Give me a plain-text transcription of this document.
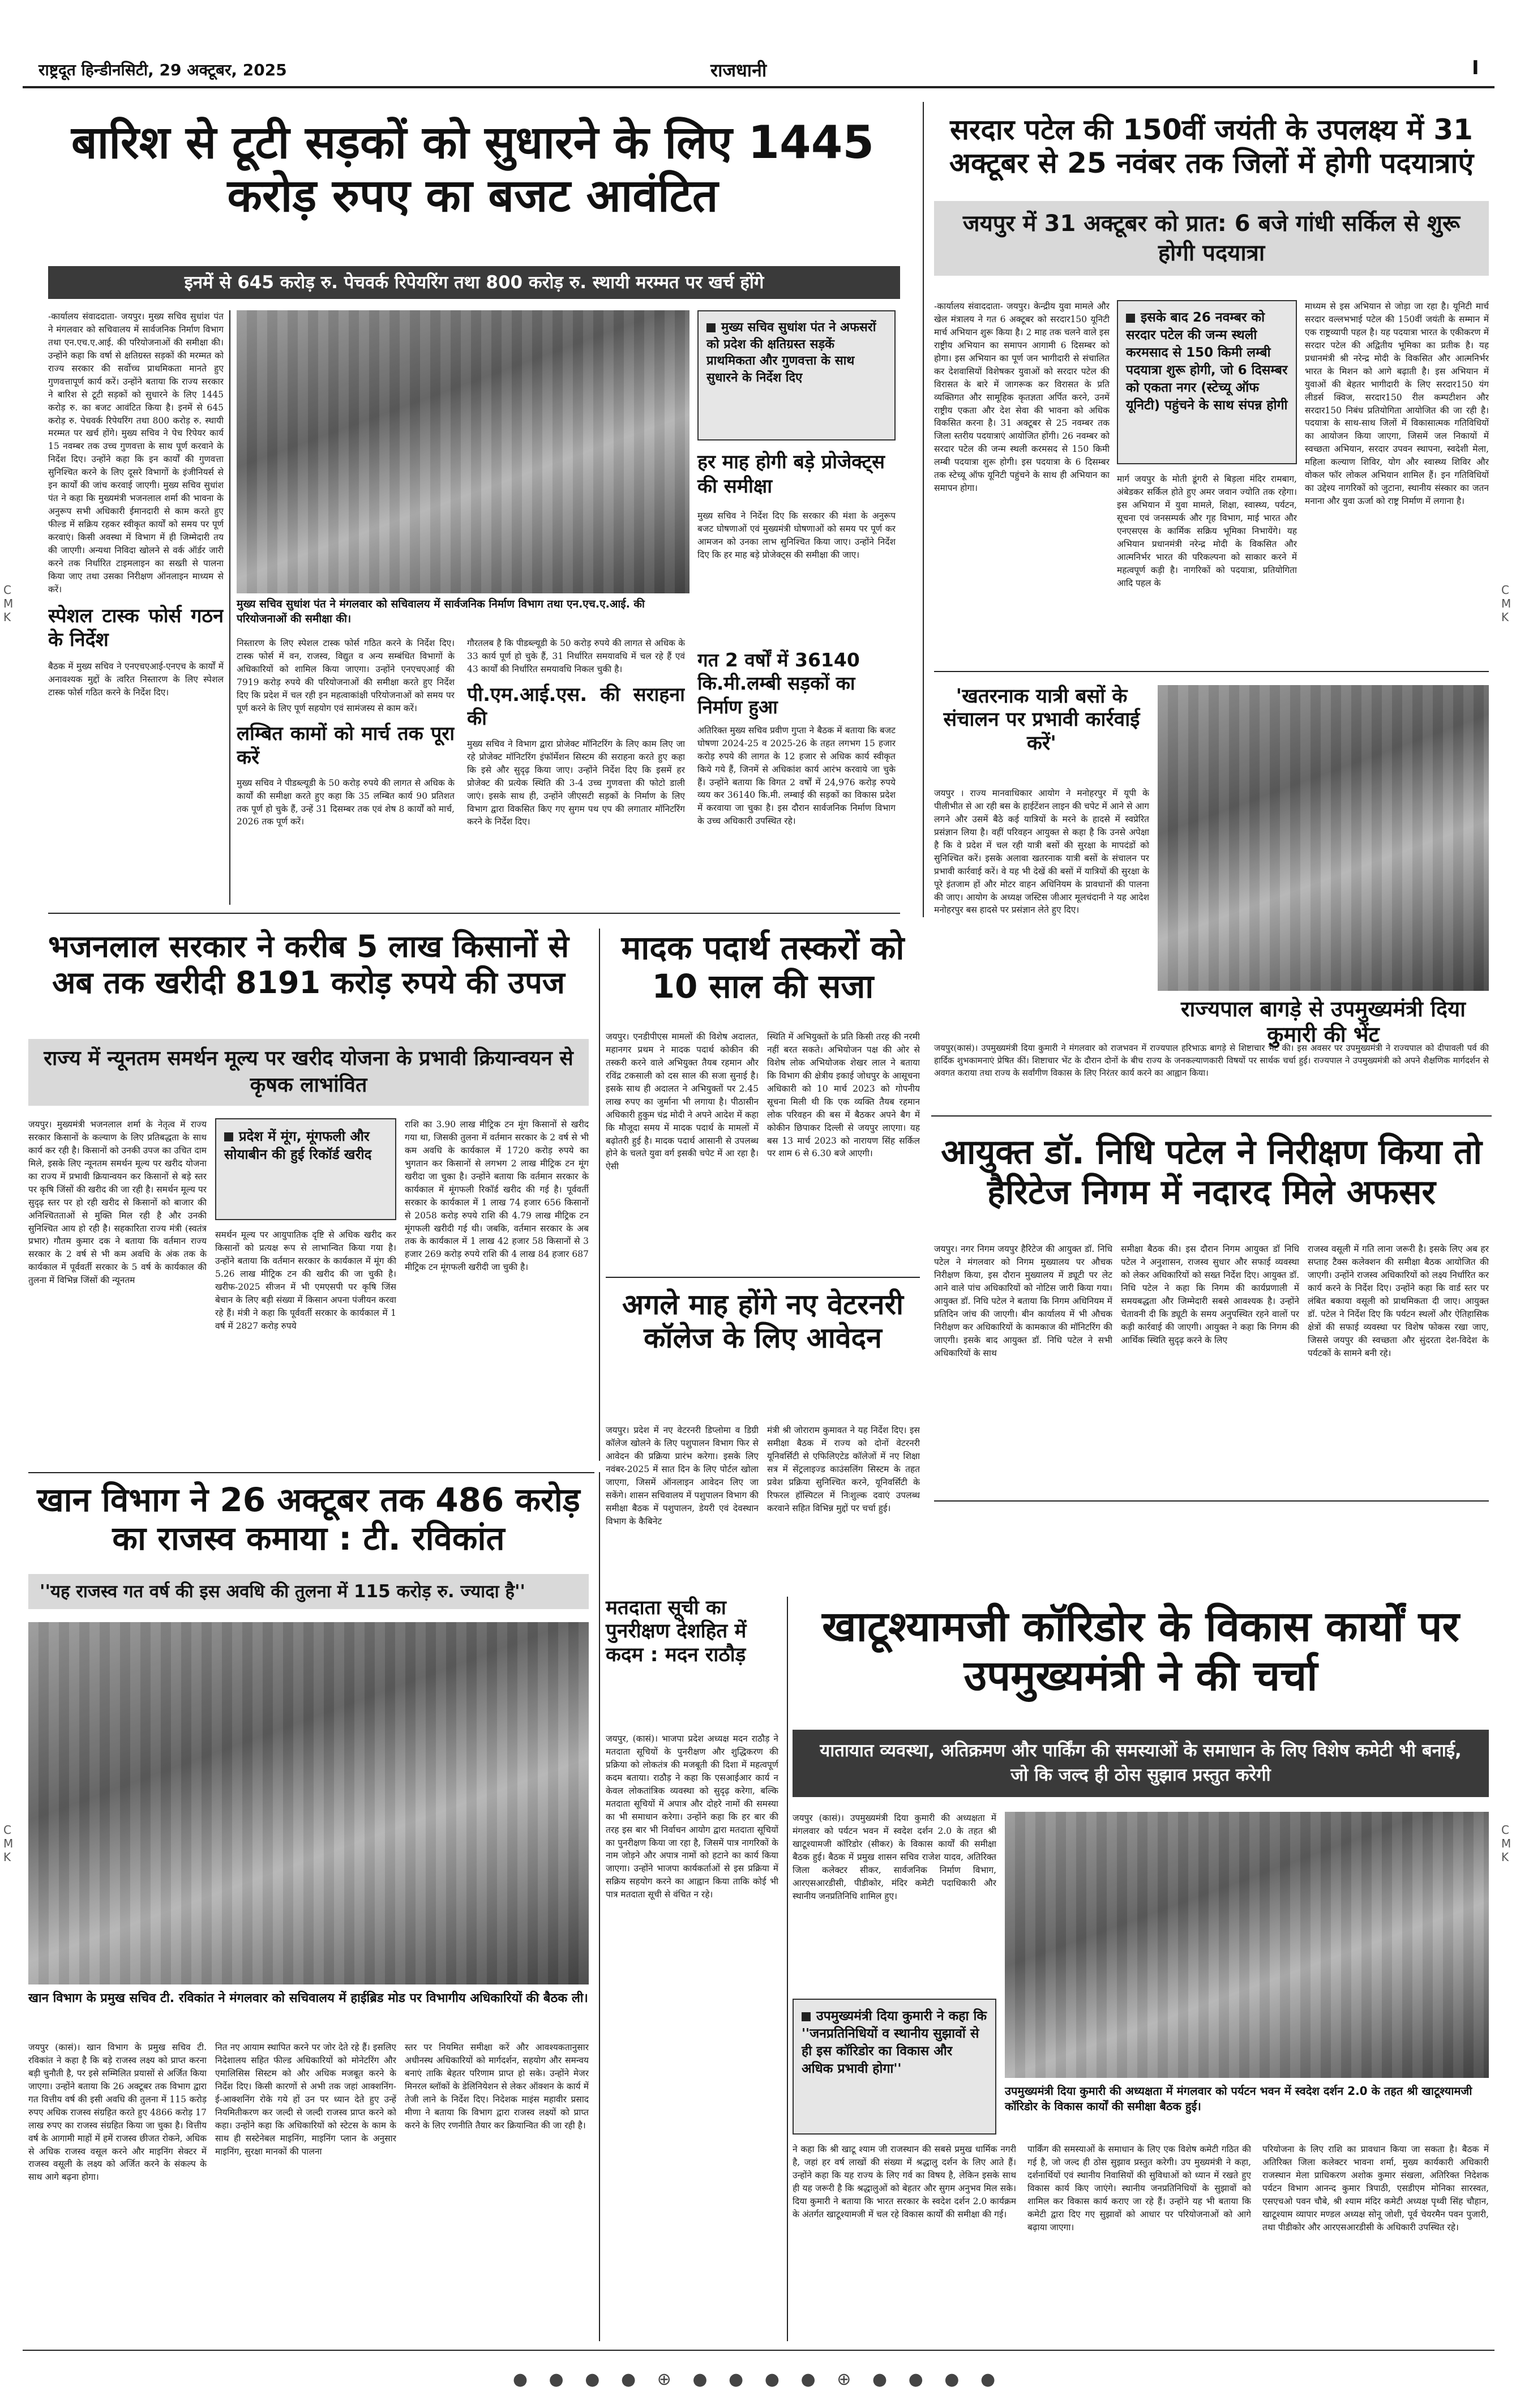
राष्ट्रदूत हिन्डीनसिटी, 29 अक्टूबर, 2025	राजधानी	I
C
M
K
C
M
K
C
M
K
C
M
K
बारिश से टूटी सड़कों को सुधारने के लिए 1445 करोड़ रुपए का बजट आवंटित
इनमें से 645 करोड़ रु. पेचवर्क रिपेयरिंग तथा 800 करोड़ रु. स्थायी मरम्मत पर खर्च होंगे
-कार्यालय संवाददाता- जयपुर। मुख्य सचिव सुधांश पंत ने मंगलवार को सचिवालय में सार्वजनिक निर्माण विभाग तथा एन.एच.ए.आई. की परियोजनाओं की समीक्षा की। उन्होंने कहा कि वर्षा से क्षतिग्रस्त सड़कों की मरम्मत को राज्य सरकार की सर्वोच्च प्राथमिकता मानते हुए गुणवत्तापूर्ण कार्य करें। उन्होंने बताया कि राज्य सरकार ने बारिश से टूटी सड़कों को सुधारने के लिए 1445 करोड़ रु. का बजट आवंटित किया है। इनमें से 645 करोड़ रु. पेचवर्क रिपेयरिंग तथा 800 करोड़ रु. स्थायी मरम्मत पर खर्च होंगे। मुख्य सचिव ने पेच रिपेयर कार्य 15 नवम्बर तक उच्च गुणवत्ता के साथ पूर्ण करवाने के निर्देश दिए। उन्होंने कहा कि इन कार्यों की गुणवत्ता सुनिश्चित करने के लिए दूसरे विभागों के इंजीनियर्स से इन कार्यों की जांच करवाई जाएगी। मुख्य सचिव सुधांश पंत ने कहा कि मुख्यमंत्री भजनलाल शर्मा की भावना के अनुरूप सभी अधिकारी ईमानदारी से काम करते हुए फील्ड में सक्रिय रहकर स्वीकृत कार्यों को समय पर पूर्ण करवाएं। किसी अवस्था में विभाग में ही जिम्मेदारी तय की जाएगी। अन्यथा निविदा खोलने से वर्क ऑर्डर जारी करने तक निर्धारित टाइमलाइन का सख्ती से पालना किया जाए तथा उसका निरीक्षण ऑनलाइन माध्यम से करें।
स्पेशल टास्क फोर्स गठन के निर्देश
बैठक में मुख्य सचिव ने एनएचएआई-एनएच के कार्यों में अनावश्यक मुद्दों के त्वरित निस्तारण के लिए स्पेशल टास्क फोर्स गठित करने के निर्देश दिए।
मुख्य सचिव सुधांश पंत ने मंगलवार को सचिवालय में सार्वजनिक निर्माण विभाग तथा एन.एच.ए.आई. की परियोजनाओं की समीक्षा की।
मुख्य सचिव सुधांश पंत ने अफसरों को प्रदेश की क्षतिग्रस्त सड़कें प्राथमिकता और गुणवत्ता के साथ सुधारने के निर्देश दिए
हर माह होगी बड़े प्रोजेक्ट्स की समीक्षा
मुख्य सचिव ने निर्देश दिए कि सरकार की मंशा के अनुरूप बजट घोषणाओं एवं मुख्यमंत्री घोषणाओं को समय पर पूर्ण कर आमजन को उनका लाभ सुनिश्चित किया जाए। उन्होंने निर्देश दिए कि हर माह बड़े प्रोजेक्ट्स की समीक्षा की जाए।
निस्तारण के लिए स्पेशल टास्क फोर्स गठित करने के निर्देश दिए। टास्क फोर्स में वन, राजस्व, विद्युत व अन्य सम्बंधित विभागों के अधिकारियों को शामिल किया जाएगा। उन्होंने एनएचएआई की 7919 करोड़ रुपये की परियोजनाओं की समीक्षा करते हुए निर्देश दिए कि प्रदेश में चल रही इन महत्वाकांक्षी परियोजनाओं को समय पर पूर्ण करने के लिए पूर्ण सहयोग एवं सामंजस्य से काम करें।
लम्बित कामों को मार्च तक पूरा करें
मुख्य सचिव ने पीडब्ल्यूडी के 50 करोड़ रुपये की लागत से अधिक के कार्यों की समीक्षा करते हुए कहा कि 35 लम्बित कार्य 90 प्रतिशत तक पूर्ण हो चुके हैं, उन्हें 31 दिसम्बर तक एवं शेष 8 कार्यों को मार्च, 2026 तक पूर्ण करें।
गौरतलब है कि पीडब्ल्यूडी के 50 करोड़ रुपये की लागत से अधिक के 33 कार्य पूर्ण हो चुके हैं, 31 निर्धारित समयावधि में चल रहे हैं एवं 43 कार्यों की निर्धारित समयावधि निकल चुकी है।
पी.एम.आई.एस. की सराहना की
मुख्य सचिव ने विभाग द्वारा प्रोजेक्ट मॉनिटरिंग के लिए काम लिए जा रहे प्रोजेक्ट मॉनिटरिंग इंफॉर्मेशन सिस्टम की सराहना करते हुए कहा कि इसे और सुदृढ़ किया जाए। उन्होंने निर्देश दिए कि इसमें हर प्रोजेक्ट की प्रत्येक स्थिति की 3-4 उच्च गुणवत्ता की फोटो डाली जाएं। इसके साथ ही, उन्होंने जीएसटी सड़कों के निर्माण के लिए विभाग द्वारा विकसित किए गए सुगम पथ एप की लगातार मॉनिटरिंग करने के निर्देश दिए।
गत 2 वर्षों में 36140 कि.मी.लम्बी सड़कों का निर्माण हुआ
अतिरिक्त मुख्य सचिव प्रवीण गुप्ता ने बैठक में बताया कि बजट घोषणा 2024-25 व 2025-26 के तहत लगभग 15 हजार करोड़ रुपये की लागत के 12 हजार से अधिक कार्य स्वीकृत किये गये हैं, जिनमें से अधिकांश कार्य आरंभ करवाये जा चुके हैं। उन्होंने बताया कि विगत 2 वर्षों में 24,976 करोड़ रुपये व्यय कर 36140 कि.मी. लम्बाई की सड़कों का विकास प्रदेश में करवाया जा चुका है। इस दौरान सार्वजनिक निर्माण विभाग के उच्च अधिकारी उपस्थित रहे।
सरदार पटेल की 150वीं जयंती के उपलक्ष्य में 31 अक्टूबर से 25 नवंबर तक जिलों में होगी पदयात्राएं
जयपुर में 31 अक्टूबर को प्रात: 6 बजे गांधी सर्किल से शुरू होगी पदयात्रा
-कार्यालय संवाददाता- जयपुर। केन्द्रीय युवा मामले और खेल मंत्रालय ने गत 6 अक्टूबर को सरदार150 यूनिटी मार्च अभियान शुरू किया है। 2 माह तक चलने वाले इस राष्ट्रीय अभियान का समापन आगामी 6 दिसम्बर को होगा। इस अभियान का पूर्ण जन भागीदारी से संचालित कर देशवासियों विशेषकर युवाओं को सरदार पटेल की विरासत के बारे में जागरूक कर विरासत के प्रति व्यक्तिगत और सामूहिक कृतज्ञता अर्पित करने, उनमें राष्ट्रीय एकता और देश सेवा की भावना को अधिक विकसित करना है। 31 अक्टूबर से 25 नवम्बर तक जिला स्तरीय पदयात्राएं आयोजित होंगी। 26 नवम्बर को सरदार पटेल की जन्म स्थली करमसद से 150 किमी लम्बी पदयात्रा शुरू होगी। इस पदयात्रा के 6 दिसम्बर तक स्टेच्यू ऑफ यूनिटी पहुंचने के साथ ही अभियान का समापन होगा।
इसके बाद 26 नवम्बर को सरदार पटेल की जन्म स्थली करमसाद से 150 किमी लम्बी पदयात्रा शुरू होगी, जो 6 दिसम्बर को एकता नगर (स्टेच्यू ऑफ यूनिटी) पहुंचने के साथ संपन्न होगी
मार्ग जयपुर के मोती डूंगरी से बिड़ला मंदिर रामबाग, अंबेडकर सर्किल होते हुए अमर जवान ज्योति तक रहेगा। इस अभियान में युवा मामले, शिक्षा, स्वास्थ्य, पर्यटन, सूचना एवं जनसम्पर्क और गृह विभाग, माई भारत और एनएसएस के कार्मिक सक्रिय भूमिका निभायेंगे। यह अभियान प्रधानमंत्री नरेन्द्र मोदी के विकसित और आत्मनिर्भर भारत की परिकल्पना को साकार करने में महत्वपूर्ण कड़ी है। नागरिकों को पदयात्रा, प्रतियोगिता आदि पहल के
माध्यम से इस अभियान से जोड़ा जा रहा है। यूनिटी मार्च सरदार वल्लभभाई पटेल की 150वीं जयंती के सम्मान में एक राष्ट्रव्यापी पहल है। यह पदयात्रा भारत के एकीकरण में सरदार पटेल की अद्वितीय भूमिका का प्रतीक है। यह प्रधानमंत्री श्री नरेन्द्र मोदी के विकसित और आत्मनिर्भर भारत के मिशन को आगे बढ़ाती है। इस अभियान में युवाओं की बेहतर भागीदारी के लिए सरदार150 यंग लीडर्स क्विज, सरदार150 रील कम्पटीशन और सरदार150 निबंध प्रतियोगिता आयोजित की जा रही है। पदयात्रा के साथ-साथ जिलों में विकासात्मक गतिविधियों का आयोजन किया जाएगा, जिसमें जल निकायों में स्वच्छता अभियान, सरदार उपवन स्थापना, स्वदेशी मेला, महिला कल्याण शिविर, योग और स्वास्थ्य शिविर और वोकल फॉर लोकल अभियान शामिल हैं। इन गतिविधियों का उद्देश्य नागरिकों को जुटाना, स्थानीय संस्कार का जतन मनाना और युवा ऊर्जा को राष्ट्र निर्माण में लगाना है।
'खतरनाक यात्री बसों के संचालन पर प्रभावी कार्रवाई करें'
जयपुर । राज्य मानवाधिकार आयोग ने मनोहरपुर में यूपी के पीलीभीत से आ रही बस के हाईटेंशन लाइन की चपेट में आने से आग लगने और उसमें बैठे कई यात्रियों के मरने के हादसे में स्वप्रेरित प्रसंज्ञान लिया है। वहीं परिवहन आयुक्त से कहा है कि उनसे अपेक्षा है कि वे प्रदेश में चल रही यात्री बसों की सुरक्षा के मापदंडों को सुनिश्चित करें। इसके अलावा खतरनाक यात्री बसों के संचालन पर प्रभावी कार्रवाई करें। वे यह भी देखें की बसों में यात्रियों की सुरक्षा के पूरे इंतजाम हों और मोटर वाहन अधिनियम के प्रावधानों की पालना की जाए। आयोग के अध्यक्ष जस्टिस जीआर मूलचंदानी ने यह आदेश मनोहरपुर बस हादसे पर प्रसंज्ञान लेते हुए दिए।
राज्यपाल बागड़े से उपमुख्यमंत्री दिया कुमारी की भेंट
जयपुर(कासं)। उपमुख्यमंत्री दिया कुमारी ने मंगलवार को राजभवन में राज्यपाल हरिभाऊ बागड़े से शिष्टाचार भेंट की। इस अवसर पर उपमुख्यमंत्री ने राज्यपाल को दीपावली पर्व की हार्दिक शुभकामनाएं प्रेषित कीं। शिष्टाचार भेंट के दौरान दोनों के बीच राज्य के जनकल्याणकारी विषयों पर सार्थक चर्चा हुई। राज्यपाल ने उपमुख्यमंत्री को अपने शैक्षणिक मार्गदर्शन से अवगत कराया तथा राज्य के सर्वांगीण विकास के लिए निरंतर कार्य करने का आह्वान किया।
भजनलाल सरकार ने करीब 5 लाख किसानों से अब तक खरीदी 8191 करोड़ रुपये की उपज
राज्य में न्यूनतम समर्थन मूल्य पर खरीद योजना के प्रभावी क्रियान्वयन से कृषक लाभांवित
जयपुर। मुख्यमंत्री भजनलाल शर्मा के नेतृत्व में राज्य सरकार किसानों के कल्याण के लिए प्रतिबद्धता के साथ कार्य कर रही है। किसानों को उनकी उपज का उचित दाम मिले, इसके लिए न्यूनतम समर्थन मूल्य पर खरीद योजना का राज्य में प्रभावी क्रियान्वयन कर किसानों से बड़े स्तर पर कृषि जिंसों की खरीद की जा रही है। समर्थन मूल्य पर सुदृढ़ स्तर पर हो रही खरीद से किसानों को बाजार की अनिश्चितताओं से मुक्ति मिल रही है और उनकी सुनिश्चित आय हो रही है। सहकारिता राज्य मंत्री (स्वतंत्र प्रभार) गौतम कुमार दक ने बताया कि वर्तमान राज्य सरकार के 2 वर्ष से भी कम अवधि के अंक तक के कार्यकाल में पूर्ववर्ती सरकार के 5 वर्ष के कार्यकाल की तुलना में विभिन्न जिंसों की न्यूनतम
प्रदेश में मूंग, मूंगफली और सोयाबीन की हुई रिकॉर्ड खरीद
समर्थन मूल्य पर आयुपातिक दृष्टि से अधिक खरीद कर किसानों को प्रत्यक्ष रूप से लाभान्वित किया गया है। उन्होंने बताया कि वर्तमान सरकार के कार्यकाल में मूंग की 5.26 लाख मीट्रिक टन की खरीद की जा चुकी है। खरीफ-2025 सीजन में भी एमएसपी पर कृषि जिंस बेचान के लिए बड़ी संख्या में किसान अपना पंजीयन करवा रहे हैं। मंत्री ने कहा कि पूर्ववर्ती सरकार के कार्यकाल में 1 वर्ष में 2827 करोड़ रुपये
राशि का 3.90 लाख मीट्रिक टन मूंग किसानों से खरीद गया था, जिसकी तुलना में वर्तमान सरकार के 2 वर्ष से भी कम अवधि के कार्यकाल में 1720 करोड़ रुपये का भुगतान कर किसानों से लगभग 2 लाख मीट्रिक टन मूंग खरीदा जा चुका है। उन्होंने बताया कि वर्तमान सरकार के कार्यकाल में मूंगफली रिकॉर्ड खरीद की गई है। पूर्ववर्ती सरकार के कार्यकाल में 1 लाख 74 हजार 656 किसानों से 2058 करोड़ रुपये राशि की 4.79 लाख मीट्रिक टन मूंगफली खरीदी गई थी। जबकि, वर्तमान सरकार के अब तक के कार्यकाल में 1 लाख 42 हजार 58 किसानों से 3 हजार 269 करोड़ रुपये राशि की 4 लाख 84 हजार 687 मीट्रिक टन मूंगफली खरीदी जा चुकी है।
मादक पदार्थ तस्करों को 10 साल की सजा
जयपुर। एनडीपीएस मामलों की विशेष अदालत, महानगर प्रथम ने मादक पदार्थ कोकीन की तस्करी करने वाले अभियुक्त तैयब रहमान और रविंद्र टकसाली को दस साल की सजा सुनाई है। इसके साथ ही अदालत ने अभियुक्तों पर 2.45 लाख रुपए का जुर्माना भी लगाया है। पीठासीन अधिकारी हुकुम चंद्र मोदी ने अपने आदेश में कहा कि मौजूदा समय में मादक पदार्थ के मामलों में बढ़ोतरी हुई है। मादक पदार्थ आसानी से उपलब्ध होने के चलते युवा वर्ग इसकी चपेट में आ रहा है। ऐसी
स्थिति में अभियुक्तों के प्रति किसी तरह की नरमी नहीं बरत सकते। अभियोजन पक्ष की ओर से विशेष लोक अभियोजक शेखर लाल ने बताया कि विभाग की क्षेत्रीय इकाई जोधपुर के आसूचना अधिकारी को 10 मार्च 2023 को गोपनीय सूचना मिली थी कि एक व्यक्ति तैयब रहमान लोक परिवहन की बस में बैठकर अपने बैग में कोकीन छिपाकर दिल्ली से जयपुर लाएगा। यह बस 13 मार्च 2023 को नारायण सिंह सर्किल पर शाम 6 से 6.30 बजे आएगी।
अगले माह होंगे नए वेटरनरी कॉलेज के लिए आवेदन
जयपुर। प्रदेश में नए वेटरनरी डिप्लोमा व डिग्री कॉलेज खोलने के लिए पशुपालन विभाग फिर से आवेदन की प्रक्रिया प्रारंभ करेगा। इसके लिए नवंबर-2025 में सात दिन के लिए पोर्टल खोला जाएगा, जिसमें ऑनलाइन आवेदन लिए जा सकेंगे। शासन सचिवालय में पशुपालन विभाग की समीक्षा बैठक में पशुपालन, डेयरी एवं देवस्थान विभाग के कैबिनेट
मंत्री श्री जोराराम कुमावत ने यह निर्देश दिए। इस समीक्षा बैठक में राज्य को दोनों वेटरनरी यूनिवर्सिटी से एफिलिएटेड कॉलेजों में नए शिक्षा सत्र में सेंट्रलाइज्ड काउंसलिंग सिस्टम के तहत प्रवेश प्रक्रिया सुनिश्चित करने, यूनिवर्सिटी के रिफरल हॉस्पिटल में निःशुल्क दवाएं उपलब्ध करवाने सहित विभिन्न मुद्दों पर चर्चा हुई।
आयुक्त डॉ. निधि पटेल ने निरीक्षण किया तो हैरिटेज निगम में नदारद मिले अफसर
जयपुर। नगर निगम जयपुर हैरिटेज की आयुक्त डॉ. निधि पटेल ने मंगलवार को निगम मुख्यालय पर औचक निरीक्षण किया, इस दौरान मुख्यालय में ड्यूटी पर लेट आने वाले पांच अधिकारियों को नोटिस जारी किया गया। आयुक्त डॉ. निधि पटेल ने बताया कि निगम अधिनियम में प्रतिदिन जांच की जाएगी। बीन कार्यालय में भी औचक निरीक्षण कर अधिकारियों के कामकाज की मॉनिटरिंग की जाएगी। इसके बाद आयुक्त डॉ. निधि पटेल ने सभी अधिकारियों के साथ
समीक्षा बैठक की। इस दौरान निगम आयुक्त डॉ निधि पटेल ने अनुशासन, राजस्व सुधार और सफाई व्यवस्था को लेकर अधिकारियों को सख्त निर्देश दिए। आयुक्त डॉ. निधि पटेल ने कहा कि निगम की कार्यप्रणाली में समयबद्धता और जिम्मेदारी सबसे आवश्यक है। उन्होंने चेतावनी दी कि ड्यूटी के समय अनुपस्थित रहने वालों पर कड़ी कार्रवाई की जाएगी। आयुक्त ने कहा कि निगम की आर्थिक स्थिति सुदृढ़ करने के लिए
राजस्व वसूली में गति लाना जरूरी है। इसके लिए अब हर सप्ताह टैक्स कलेक्शन की समीक्षा बैठक आयोजित की जाएगी। उन्होंने राजस्व अधिकारियों को लक्ष्य निर्धारित कर कार्य करने के निर्देश दिए। उन्होंने कहा कि वार्ड स्तर पर लंबित बकाया वसूली को प्राथमिकता दी जाए। आयुक्त डॉ. पटेल ने निर्देश दिए कि पर्यटन स्थलों और ऐतिहासिक क्षेत्रों की सफाई व्यवस्था पर विशेष फोकस रखा जाए, जिससे जयपुर की स्वच्छता और सुंदरता देश-विदेश के पर्यटकों के सामने बनी रहे।
खान विभाग ने 26 अक्टूबर तक 486 करोड़ का राजस्व कमाया : टी. रविकांत
''यह राजस्व गत वर्ष की इस अवधि की तुलना में 115 करोड़ रु. ज्यादा है''
खान विभाग के प्रमुख सचिव टी. रविकांत ने मंगलवार को सचिवालय में हाईब्रिड मोड पर विभागीय अधिकारियों की बैठक ली।
जयपुर (कासं)। खान विभाग के प्रमुख सचिव टी. रविकांत ने कहा है कि बड़े राजस्व लक्ष्य को प्राप्त करना बड़ी चुनौती है, पर इसे सम्मिलित प्रयासों से अर्जित किया जाएगा। उन्होंने बताया कि 26 अक्टूबर तक विभाग द्वारा गत वित्तीय वर्ष की इसी अवधि की तुलना में 115 करोड़ रुपए अधिक राजस्व संग्रहित करते हुए 4866 करोड़ 17 लाख रुपए का राजस्व संग्रहित किया जा चुका है। वित्तीय वर्ष के आगामी माहों में हमें राजस्व छीजत रोकने, अधिक से अधिक राजस्व वसूल करने और माइनिंग सेक्टर में राजस्व वसूली के लक्ष्य को अर्जित करने के संकल्प के साथ आगे बढ़ना होगा।
नित नए आयाम स्थापित करने पर जोर देते रहे हैं। इसलिए निदेशालय सहित फील्ड अधिकारियों को मोनेटरिंग और एमालिसिस सिस्टम को और अधिक मजबूत करने के निर्देश दिए। किसी कारणों से अभी तक जहां आक्शनिंग-ई-आक्शनिंग रोके गये हों उन पर ध्यान देते हुए उन्हें नियमितीकरण कर जल्दी से जल्दी राजस्व प्राप्त करने को कहा। उन्होंने कहा कि अधिकारियों को स्टेटस के काम के साथ ही सस्टेनेबल माइनिंग, माइनिंग प्लान के अनुसार माइनिंग, सुरक्षा मानकों की पालना
स्तर पर नियमित समीक्षा करें और आवश्यकतानुसार अधीनस्थ अधिकारियों को मार्गदर्शन, सहयोग और समन्वय बनाएं ताकि बेहतर परिणाम प्राप्त हो सके। उन्होंने मेजर मिनरल ब्लॉकों के डेलिनियेशन से लेकर ऑक्शन के कार्य में तेजी लाने के निर्देश दिए। निदेशक माइंस महावीर प्रसाद मीणा ने बताया कि विभाग द्वारा राजस्व लक्ष्यों को प्राप्त करने के लिए रणनीति तैयार कर क्रियान्वित की जा रही है।
मतदाता सूची का पुनरीक्षण देशहित में कदम : मदन राठौड़
जयपुर, (कासं)। भाजपा प्रदेश अध्यक्ष मदन राठौड़ ने मतदाता सूचियों के पुनरीक्षण और शुद्धिकरण की प्रक्रिया को लोकतंत्र की मजबूती की दिशा में महत्वपूर्ण कदम बताया। राठौड़ ने कहा कि एसआईआर कार्य न केवल लोकतांत्रिक व्यवस्था को सुदृढ़ करेगा, बल्कि मतदाता सूचियों में अपात्र और दोहरे नामों की समस्या का भी समाधान करेगा। उन्होंने कहा कि हर बार की तरह इस बार भी निर्वाचन आयोग द्वारा मतदाता सूचियों का पुनरीक्षण किया जा रहा है, जिसमें पात्र नागरिकों के नाम जोड़ने और अपात्र नामों को हटाने का कार्य किया जाएगा। उन्होंने भाजपा कार्यकर्ताओं से इस प्रक्रिया में सक्रिय सहयोग करने का आह्वान किया ताकि कोई भी पात्र मतदाता सूची से वंचित न रहे।
खाटूश्यामजी कॉरिडोर के विकास कार्यों पर उपमुख्यमंत्री ने की चर्चा
यातायात व्यवस्था, अतिक्रमण और पार्किंग की समस्याओं के समाधान के लिए विशेष कमेटी भी बनाई, जो कि जल्द ही ठोस सुझाव प्रस्तुत करेगी
जयपुर (कासं)। उपमुख्यमंत्री दिया कुमारी की अध्यक्षता में मंगलवार को पर्यटन भवन में स्वदेश दर्शन 2.0 के तहत श्री खाटूश्यामजी कॉरिडोर (सीकर) के विकास कार्यों की समीक्षा बैठक हुई। बैठक में प्रमुख शासन सचिव राजेश यादव, अतिरिक्त जिला कलेक्टर सीकर, सार्वजनिक निर्माण विभाग, आरएसआरडीसी, पीडीकोर, मंदिर कमेटी पदाधिकारी और स्थानीय जनप्रतिनिधि शामिल हुए।
उपमुख्यमंत्री दिया कुमारी ने कहा कि ''जनप्रतिनिधियों व स्थानीय सुझावों से ही इस कॉरिडोर का विकास और अधिक प्रभावी होगा''
उपमुख्यमंत्री दिया कुमारी की अध्यक्षता में मंगलवार को पर्यटन भवन में स्वदेश दर्शन 2.0 के तहत श्री खाटूश्यामजी कॉरिडोर के विकास कार्यों की समीक्षा बैठक हुई।
ने कहा कि श्री खाटू श्याम जी राजस्थान की सबसे प्रमुख धार्मिक नगरी है, जहां हर वर्ष लाखों की संख्या में श्रद्धालु दर्शन के लिए आते हैं। उन्होंने कहा कि यह राज्य के लिए गर्व का विषय है, लेकिन इसके साथ ही यह जरूरी है कि श्रद्धालुओं को बेहतर और सुगम अनुभव मिल सके। दिया कुमारी ने बताया कि भारत सरकार के स्वदेश दर्शन 2.0 कार्यक्रम के अंतर्गत खाटूश्यामजी में चल रहे विकास कार्यों की समीक्षा की गई।
पार्किंग की समस्याओं के समाधान के लिए एक विशेष कमेटी गठित की गई है, जो जल्द ही ठोस सुझाव प्रस्तुत करेगी। उप मुख्यमंत्री ने कहा, दर्शनार्थियों एवं स्थानीय निवासियों की सुविधाओं को ध्यान में रखते हुए विकास कार्य किए जाएंगे। स्थानीय जनप्रतिनिधियों के सुझावों को शामिल कर विकास कार्य कराए जा रहे हैं। उन्होंने यह भी बताया कि कमेटी द्वारा दिए गए सुझावों को आधार पर परियोजनाओं को आगे बढ़ाया जाएगा।
परियोजना के लिए राशि का प्रावधान किया जा सकता है। बैठक में अतिरिक्त जिला कलेक्टर भावना शर्मा, मुख्य कार्यकारी अधिकारी राजस्थान मेला प्राधिकरण अशोक कुमार संखला, अतिरिक्त निदेशक पर्यटन विभाग आनन्द कुमार त्रिपाठी, एसडीएम मोनिका सारस्वत, एसएचओ पवन चौबे, श्री श्याम मंदिर कमेटी अध्यक्ष पृथ्वी सिंह चौहान, खाटूश्याम व्यापार मण्डल अध्यक्ष सोनू जोशी, पूर्व चेयरमैन पवन पुजारी, तथा पीडीकोर और आरएसआरडीसी के अधिकारी उपस्थित रहे।
● ● ● ● ⊕ ● ● ● ● ⊕ ● ● ● ●
